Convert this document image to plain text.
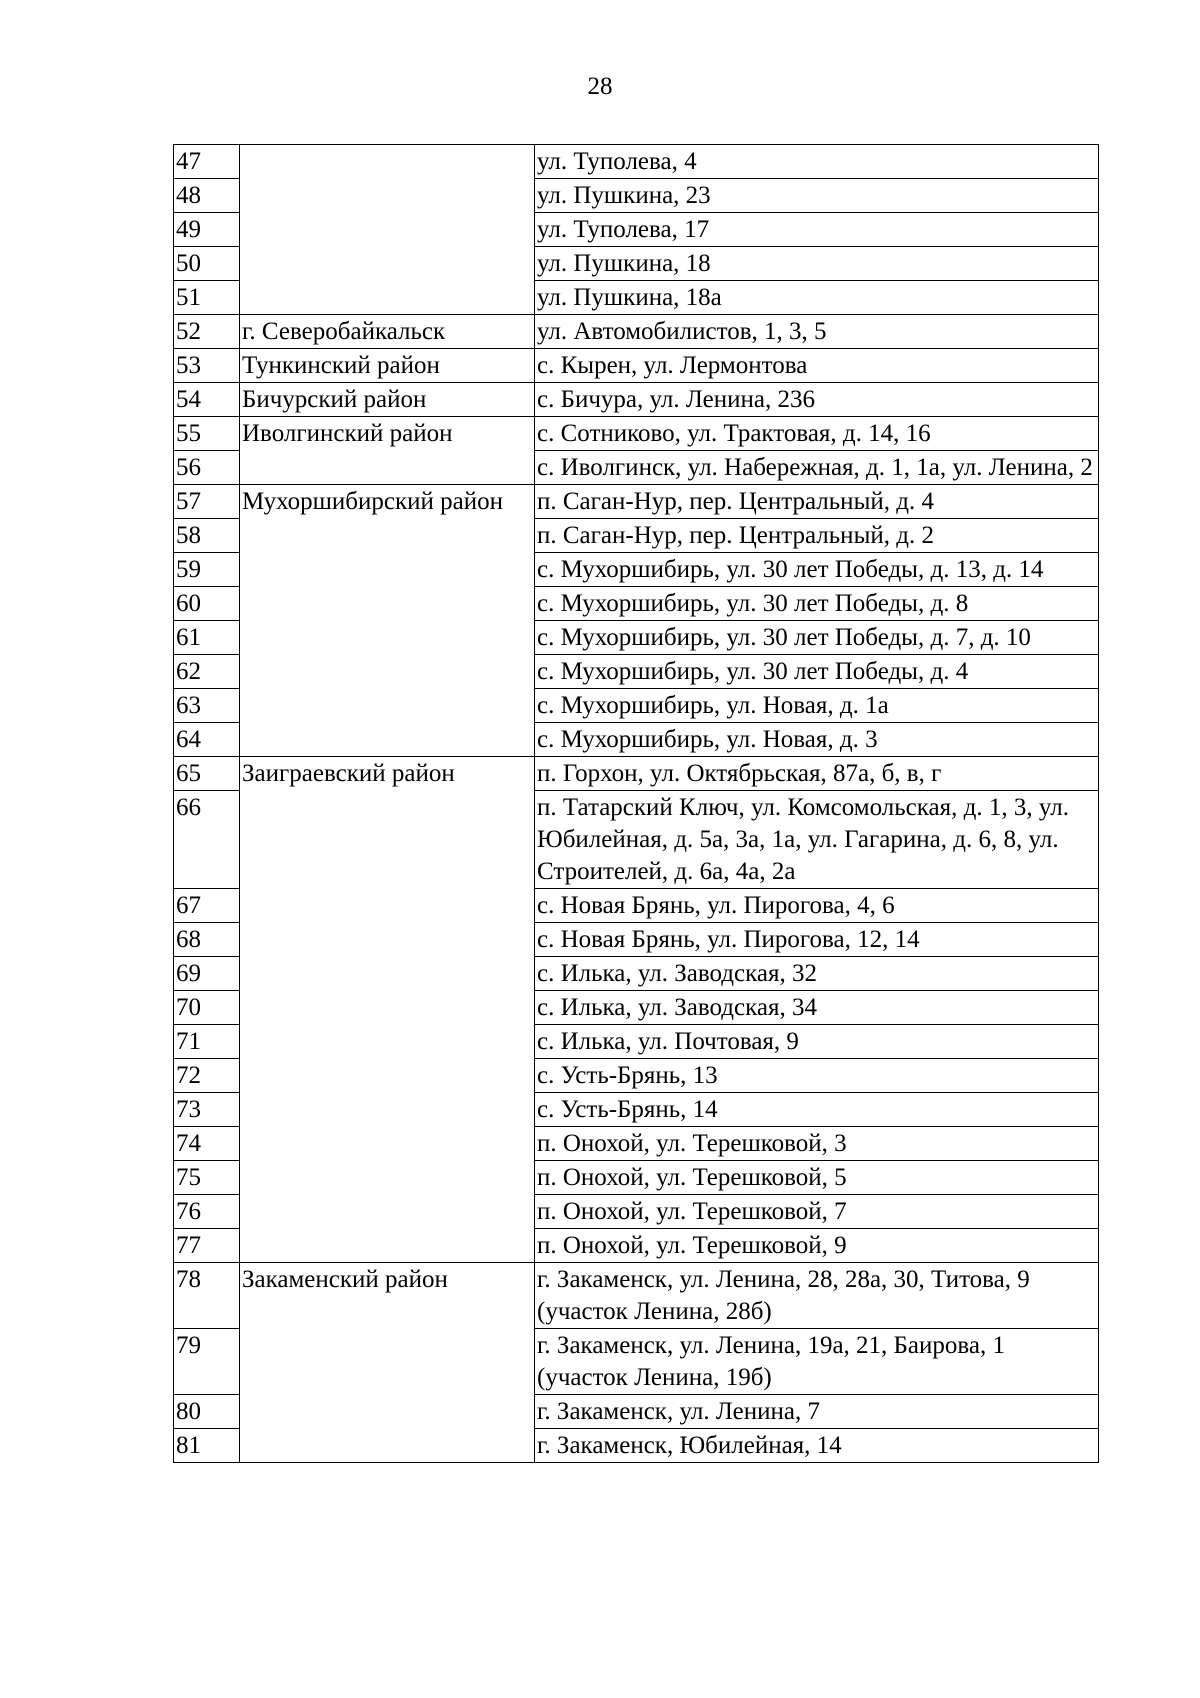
28
47		ул. Туполева, 4
48		ул. Пушкина, 23
49		ул. Туполева, 17
50		ул. Пушкина, 18
51		ул. Пушкина, 18а
52	г. Северобайкальск	ул. Автомобилистов, 1, 3, 5
53	Тункинский район	с. Кырен, ул. Лермонтова
54	Бичурский район	с. Бичура, ул. Ленина, 236
55	Иволгинский район	с. Сотниково, ул. Трактовая, д. 14, 16
56		с. Иволгинск, ул. Набережная, д. 1, 1а, ул. Ленина, 2
57	Мухоршибирский район	п. Саган-Нур, пер. Центральный, д. 4
58		п. Саган-Нур, пер. Центральный, д. 2
59		с. Мухоршибирь, ул. 30 лет Победы, д. 13, д. 14
60		с. Мухоршибирь, ул. 30 лет Победы, д. 8
61		с. Мухоршибирь, ул. 30 лет Победы, д. 7, д. 10
62		с. Мухоршибирь, ул. 30 лет Победы, д. 4
63		с. Мухоршибирь, ул. Новая, д. 1а
64		с. Мухоршибирь, ул. Новая, д. 3
65	Заиграевский район	п. Горхон, ул. Октябрьская, 87а, б, в, г
66		п. Татарский Ключ, ул. Комсомольская, д. 1, 3, ул. Юбилейная, д. 5а, 3а, 1а, ул. Гагарина, д. 6, 8, ул. Строителей, д. 6а, 4а, 2а
67		с. Новая Брянь, ул. Пирогова, 4, 6
68		с. Новая Брянь, ул. Пирогова, 12, 14
69		с. Илька, ул. Заводская, 32
70		с. Илька, ул. Заводская, 34
71		с. Илька, ул. Почтовая, 9
72		с. Усть-Брянь, 13
73		с. Усть-Брянь, 14
74		п. Онохой, ул. Терешковой, 3
75		п. Онохой, ул. Терешковой, 5
76		п. Онохой, ул. Терешковой, 7
77		п. Онохой, ул. Терешковой, 9
78	Закаменский район	г. Закаменск, ул. Ленина, 28, 28а, 30, Титова, 9 (участок Ленина, 28б)
79		г. Закаменск, ул. Ленина, 19а, 21, Баирова, 1 (участок Ленина, 19б)
80		г. Закаменск, ул. Ленина, 7
81		г. Закаменск, Юбилейная, 14
